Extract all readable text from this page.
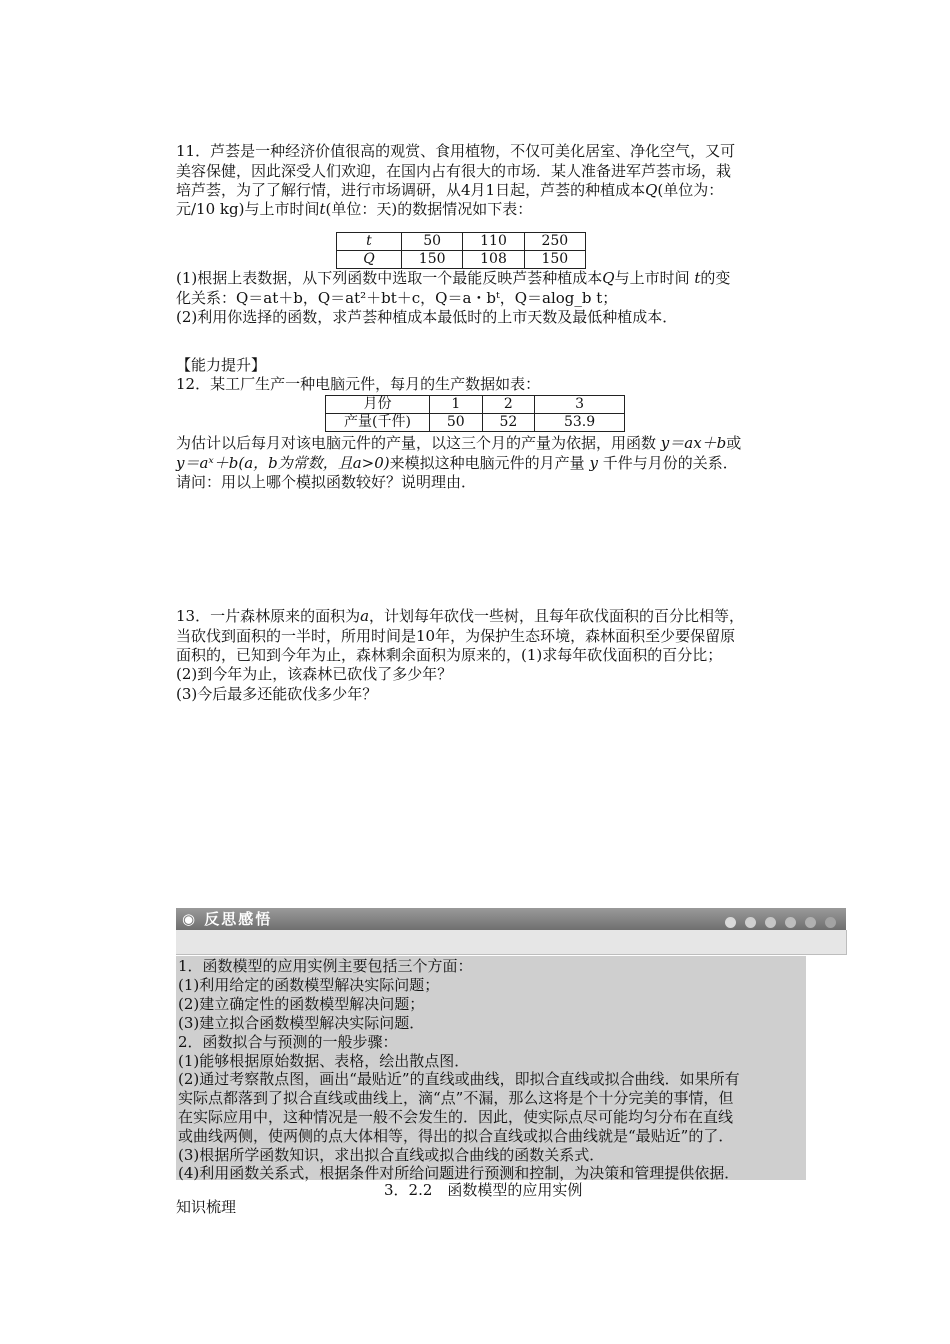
11．芦荟是一种经济价值很高的观赏、食用植物，不仅可美化居室、净化空气，又可
美容保健，因此深受人们欢迎，在国内占有很大的市场．某人准备进军芦荟市场，栽
培芦荟，为了了解行情，进行市场调研，从4月1日起，芦荟的种植成本Q(单位为：
元/10 kg)与上市时间t(单位：天)的数据情况如下表：
t	50	110	250
Q	150	108	150
(1)根据上表数据，从下列函数中选取一个最能反映芦荟种植成本Q与上市时间 t的变
化关系：Q＝at＋b，Q＝at²＋bt＋c，Q＝a・bᵗ，Q＝alog_b t；
(2)利用你选择的函数，求芦荟种植成本最低时的上市天数及最低种植成本．
【能力提升】
12．某工厂生产一种电脑元件，每月的生产数据如表：
月份	1	2	3
产量(千件)	50	52	53.9
为估计以后每月对该电脑元件的产量，以这三个月的产量为依据，用函数 y＝ax＋b或
y＝aˣ＋b(a，b为常数，且a>0)来模拟这种电脑元件的月产量 y 千件与月份的关系．
请问：用以上哪个模拟函数较好？说明理由．
13．一片森林原来的面积为a，计划每年砍伐一些树，且每年砍伐面积的百分比相等，
当砍伐到面积的一半时，所用时间是10年，为保护生态环境，森林面积至少要保留原
面积的，已知到今年为止，森林剩余面积为原来的，(1)求每年砍伐面积的百分比；
(2)到今年为止，该森林已砍伐了多少年？
(3)今后最多还能砍伐多少年？
◉ 反思感悟
1．函数模型的应用实例主要包括三个方面：
(1)利用给定的函数模型解决实际问题；
(2)建立确定性的函数模型解决问题；
(3)建立拟合函数模型解决实际问题．
2．函数拟合与预测的一般步骤：
(1)能够根据原始数据、表格，绘出散点图．
(2)通过考察散点图，画出“最贴近”的直线或曲线，即拟合直线或拟合曲线．如果所有
实际点都落到了拟合直线或曲线上，滴“点”不漏，那么这将是个十分完美的事情，但
在实际应用中，这种情况是一般不会发生的．因此，使实际点尽可能均匀分布在直线
或曲线两侧，使两侧的点大体相等，得出的拟合直线或拟合曲线就是“最贴近”的了．
(3)根据所学函数知识，求出拟合直线或拟合曲线的函数关系式．
(4)利用函数关系式，根据条件对所给问题进行预测和控制，为决策和管理提供依据．
3．2.2　函数模型的应用实例
知识梳理
